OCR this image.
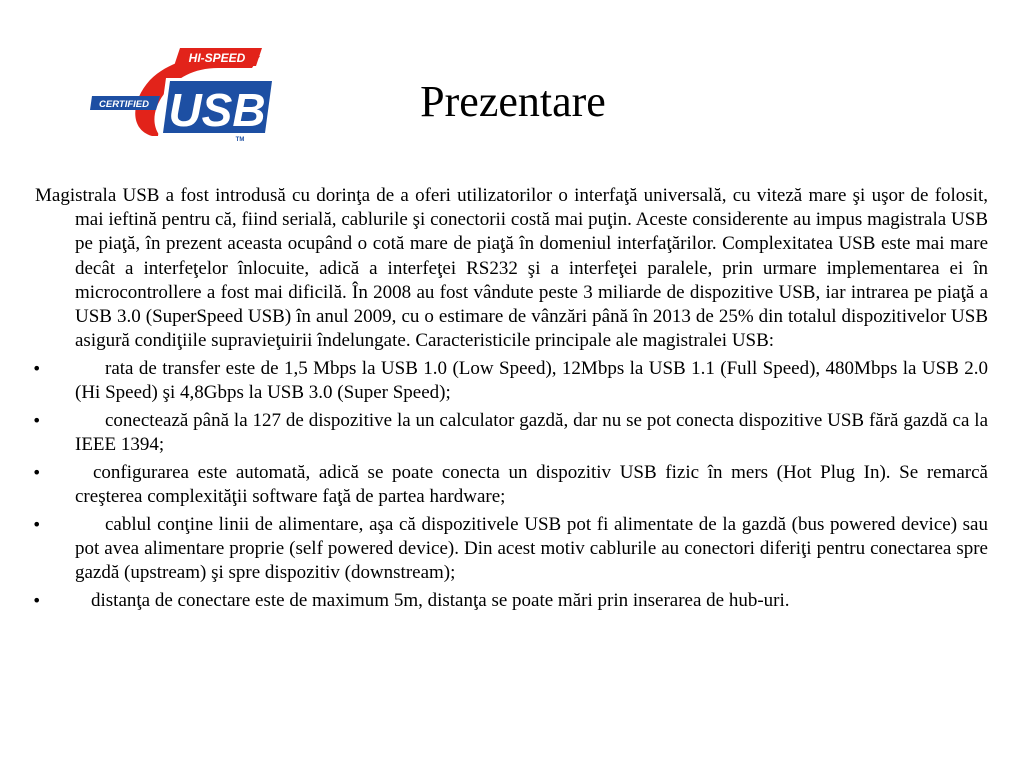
HI-SPEED
USB
CERTIFIED
TM
Prezentare

Magistrala USB a fost introdusă cu dorinţa de a oferi utilizatorilor o interfaţă universală, cu viteză mare şi uşor de folosit, mai ieftină pentru că, fiind serială, cablurile şi conectorii costă mai puţin. Aceste considerente au impus magistrala USB pe piaţă, în prezent aceasta ocupând o cotă mare de piaţă în domeniul interfaţărilor. Complexitatea USB este mai mare decât a interfeţelor înlocuite, adică a interfeţei RS232 şi a interfeţei paralele, prin urmare implementarea ei în microcontrollere a fost mai dificilă. În 2008 au fost vândute peste 3 miliarde de dispozitive USB, iar intrarea pe piaţă a USB 3.0 (SuperSpeed USB) în anul 2009, cu o estimare de vânzări până în 2013 de 25% din totalul dispozitivelor USB asigură condiţiile supravieţuirii îndelungate. Caracteristicile principale ale magistralei USB:

•	rata de transfer este de 1,5 Mbps la USB 1.0 (Low Speed), 12Mbps la USB 1.1 (Full Speed), 480Mbps la USB 2.0 (Hi Speed) şi 4,8Gbps la USB 3.0 (Super Speed);
•	conectează până la 127 de dispozitive la un calculator gazdă, dar nu se pot conecta dispozitive USB fără gazdă ca la IEEE 1394;
•	configurarea este automată, adică se poate conecta un dispozitiv USB fizic în mers (Hot Plug In). Se remarcă creşterea complexităţii software faţă de partea hardware;
•	cablul conţine linii de alimentare, aşa că dispozitivele USB pot fi alimentate de la gazdă (bus powered device) sau pot avea alimentare proprie (self powered device). Din acest motiv cablurile au conectori diferiţi pentru conectarea spre gazdă (upstream) şi spre dispozitiv (downstream);
•	distanţa de conectare este de maximum 5m, distanţa se poate mări prin inserarea de hub-uri.
